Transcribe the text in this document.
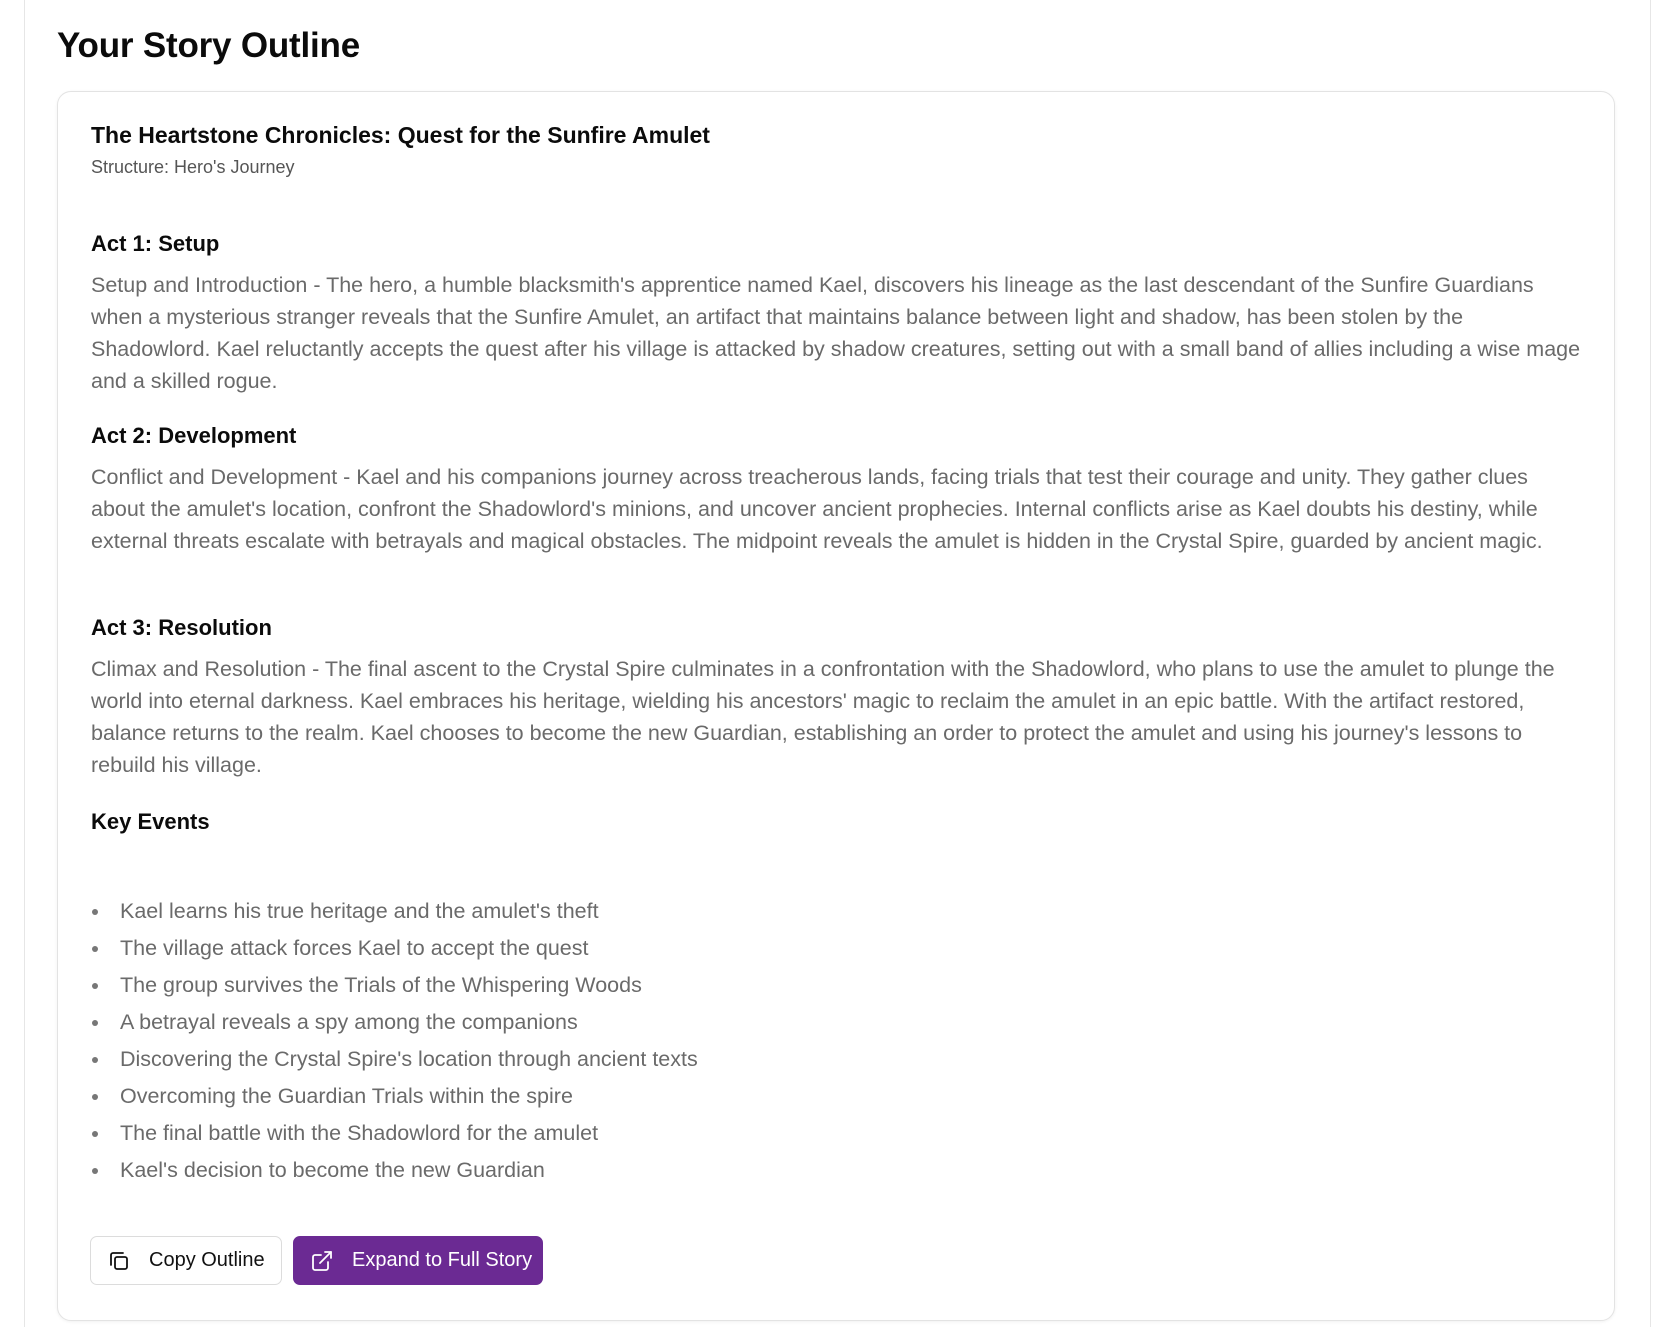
Your Story Outline
The Heartstone Chronicles: Quest for the Sunfire Amulet
Structure: Hero's Journey
Act 1: Setup

Setup and Introduction - The hero, a humble blacksmith's apprentice named Kael, discovers his lineage as the last descendant of the Sunfire Guardians when a mysterious stranger reveals that the Sunfire Amulet, an artifact that maintains balance between light and shadow, has been stolen by the Shadowlord. Kael reluctantly accepts the quest after his village is attacked by shadow creatures, setting out with a small band of allies including a wise mage and a skilled rogue.

Act 2: Development

Conflict and Development - Kael and his companions journey across treacherous lands, facing trials that test their courage and unity. They gather clues about the amulet's location, confront the Shadowlord's minions, and uncover ancient prophecies. Internal conflicts arise as Kael doubts his destiny, while external threats escalate with betrayals and magical obstacles. The midpoint reveals the amulet is hidden in the Crystal Spire, guarded by ancient magic.

Act 3: Resolution

Climax and Resolution - The final ascent to the Crystal Spire culminates in a confrontation with the Shadowlord, who plans to use the amulet to plunge the world into eternal darkness. Kael embraces his heritage, wielding his ancestors' magic to reclaim the amulet in an epic battle. With the artifact restored, balance returns to the realm. Kael chooses to become the new Guardian, establishing an order to protect the amulet and using his journey's lessons to rebuild his village.

Key Events
Kael learns his true heritage and the amulet's theft
The village attack forces Kael to accept the quest
The group survives the Trials of the Whispering Woods
A betrayal reveals a spy among the companions
Discovering the Crystal Spire's location through ancient texts
Overcoming the Guardian Trials within the spire
The final battle with the Shadowlord for the amulet
Kael's decision to become the new Guardian
Copy Outline	Expand to Full Story
